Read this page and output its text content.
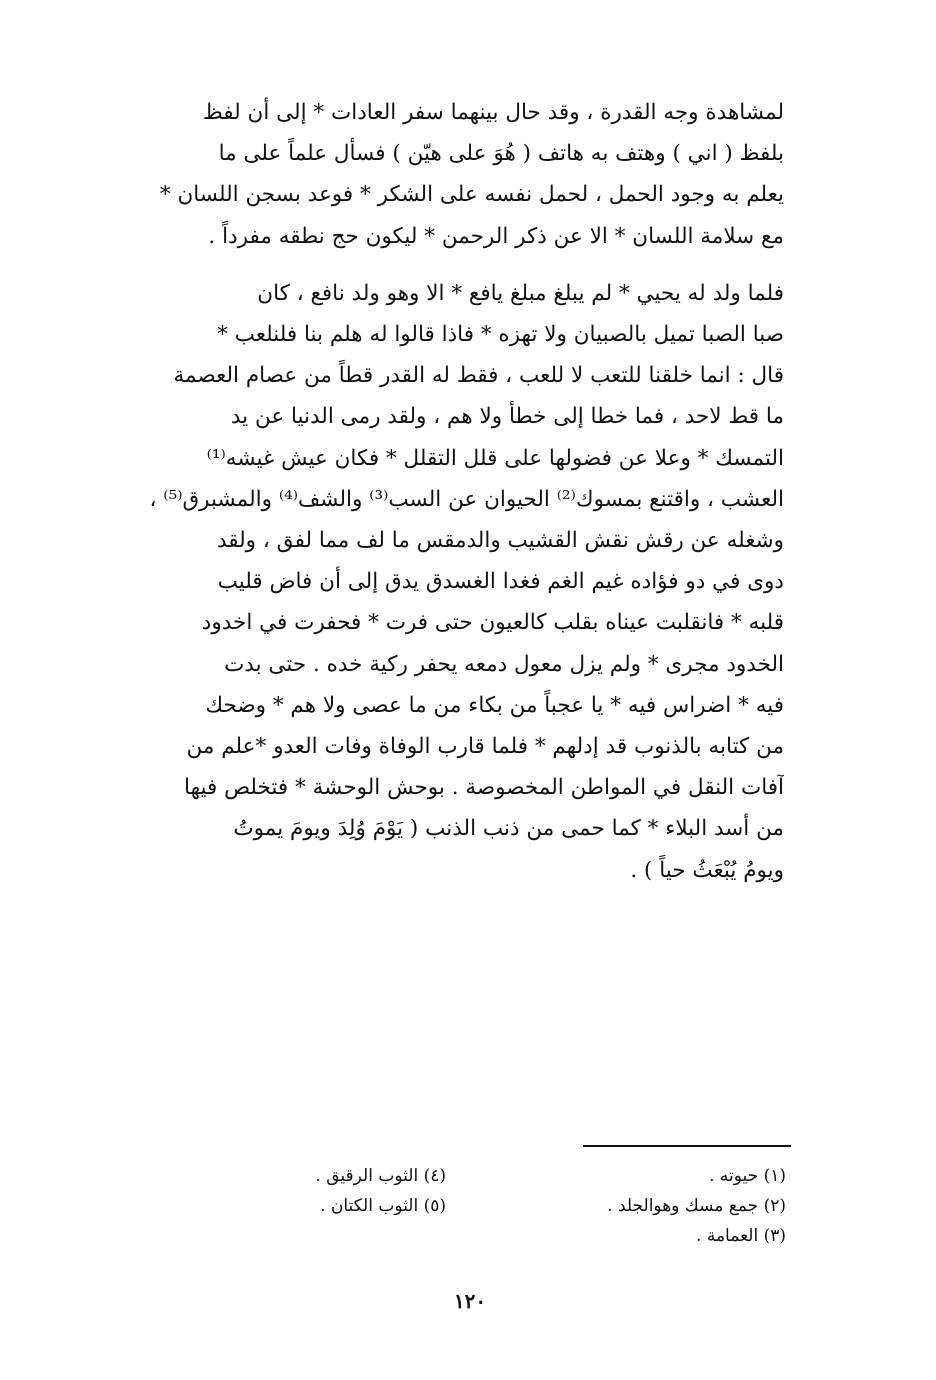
لمشاهدة وجه القدرة ، وقد حال بينهما سفر العادات * إلى أن لفظ
بلفظ ( اني ) وهتف به هاتف ( هُوَ على هيّن ) فسأل علماً على ما
يعلم به وجود الحمل ، لحمل نفسه على الشكر * فوعد بسجن اللسان *
مع سلامة اللسان * الا عن ذكر الرحمن * ليكون حج نطقه مفرداً .

فلما ولد له يحيي * لم يبلغ مبلغ يافع * الا وهو ولد نافع ، كان
صبا الصبا تميل بالصبيان ولا تهزه * فاذا قالوا له هلم بنا فلنلعب *
قال : انما خلقنا للتعب لا للعب ، فقط له القدر قطاً من عصام العصمة
ما قط لاحد ، فما خطا إلى خطأ ولا هم ، ولقد رمى الدنيا عن يد
التمسك * وعلا عن فضولها على قلل التقلل * فكان عيش غيشه⁽¹⁾
العشب ، واقتنع بمسوك⁽²⁾ الحيوان عن السب⁽³⁾ والشف⁽⁴⁾ والمشبرق⁽⁵⁾ ،
وشغله عن رقش نقش القشيب والدمقس ما لف مما لفق ، ولقد
دوى في دو فؤاده غيم الغم فغدا الغسدق يدق إلى أن فاض قليب
قلبه * فانقلبت عيناه بقلب كالعيون حتى فرت * فحفرت في اخدود
الخدود مجرى * ولم يزل معول دمعه يحفر ركية خده . حتى بدت
فيه * اضراس فيه * يا عجباً من بكاء من ما عصى ولا هم * وضحك
من كتابه بالذنوب قد إدلهم * فلما قارب الوفاة وفات العدو *علم من
آفات النقل في المواطن المخصوصة . بوحش الوحشة * فتخلص فيها
من أسد البلاء * كما حمى من ذنب الذنب ( يَوْمَ وُلِدَ ويومَ يموتُ
ويومُ يُبْعَثُ حياً ) .

(١) حيوته .
(٢) جمع مسك وهوالجلد .
(٣) العمامة .
(٤) الثوب الرقيق .
(٥) الثوب الكتان .
١٢٠
